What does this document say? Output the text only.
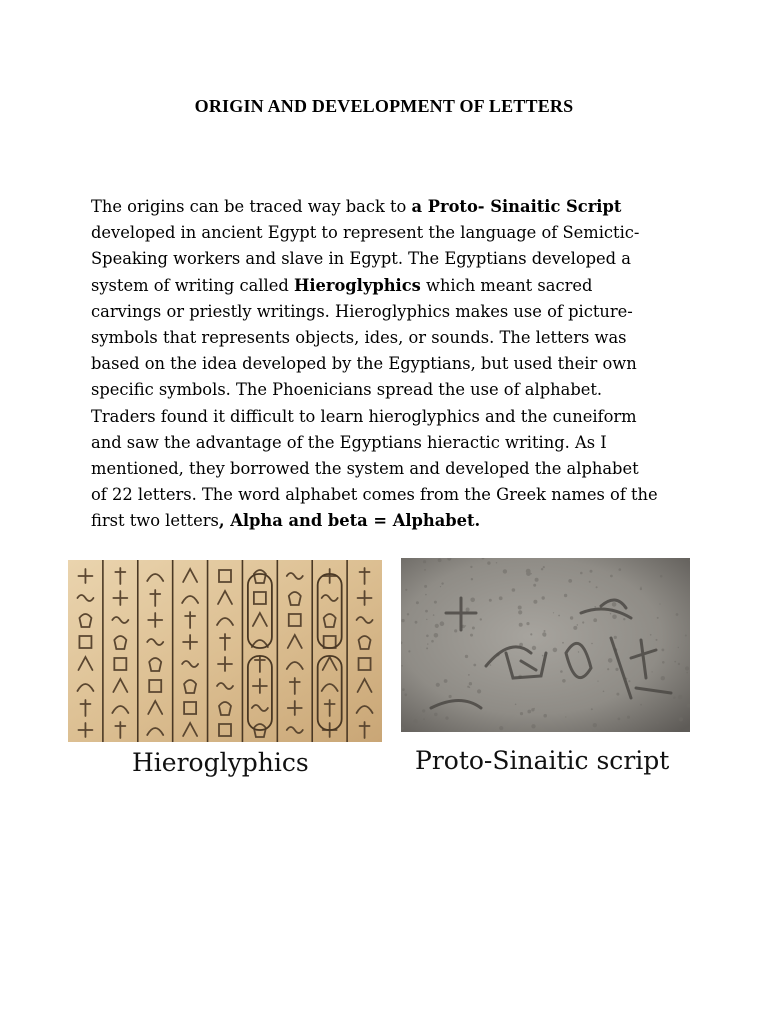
ORIGIN AND DEVELOPMENT OF LETTERS
The origins can be traced way back to a Proto- Sinaitic Script
developed in ancient Egypt to represent the language of Semictic-
Speaking workers and slave in Egypt. The Egyptians developed a
system of writing called Hieroglyphics which meant sacred
carvings or priestly writings. Hieroglyphics makes use of picture-
symbols that represents objects, ides, or sounds. The letters was
based on the idea developed by the Egyptians, but used their own
specific symbols. The Phoenicians spread the use of alphabet.
Traders found it difficult to learn hieroglyphics and the cuneiform
and saw the advantage of the Egyptians hieractic writing. As I
mentioned, they borrowed the system and developed the alphabet
of 22 letters. The word alphabet comes from the Greek names of the
first two letters, Alpha and beta = Alphabet.
Hieroglyphics	Proto-Sinaitic script
